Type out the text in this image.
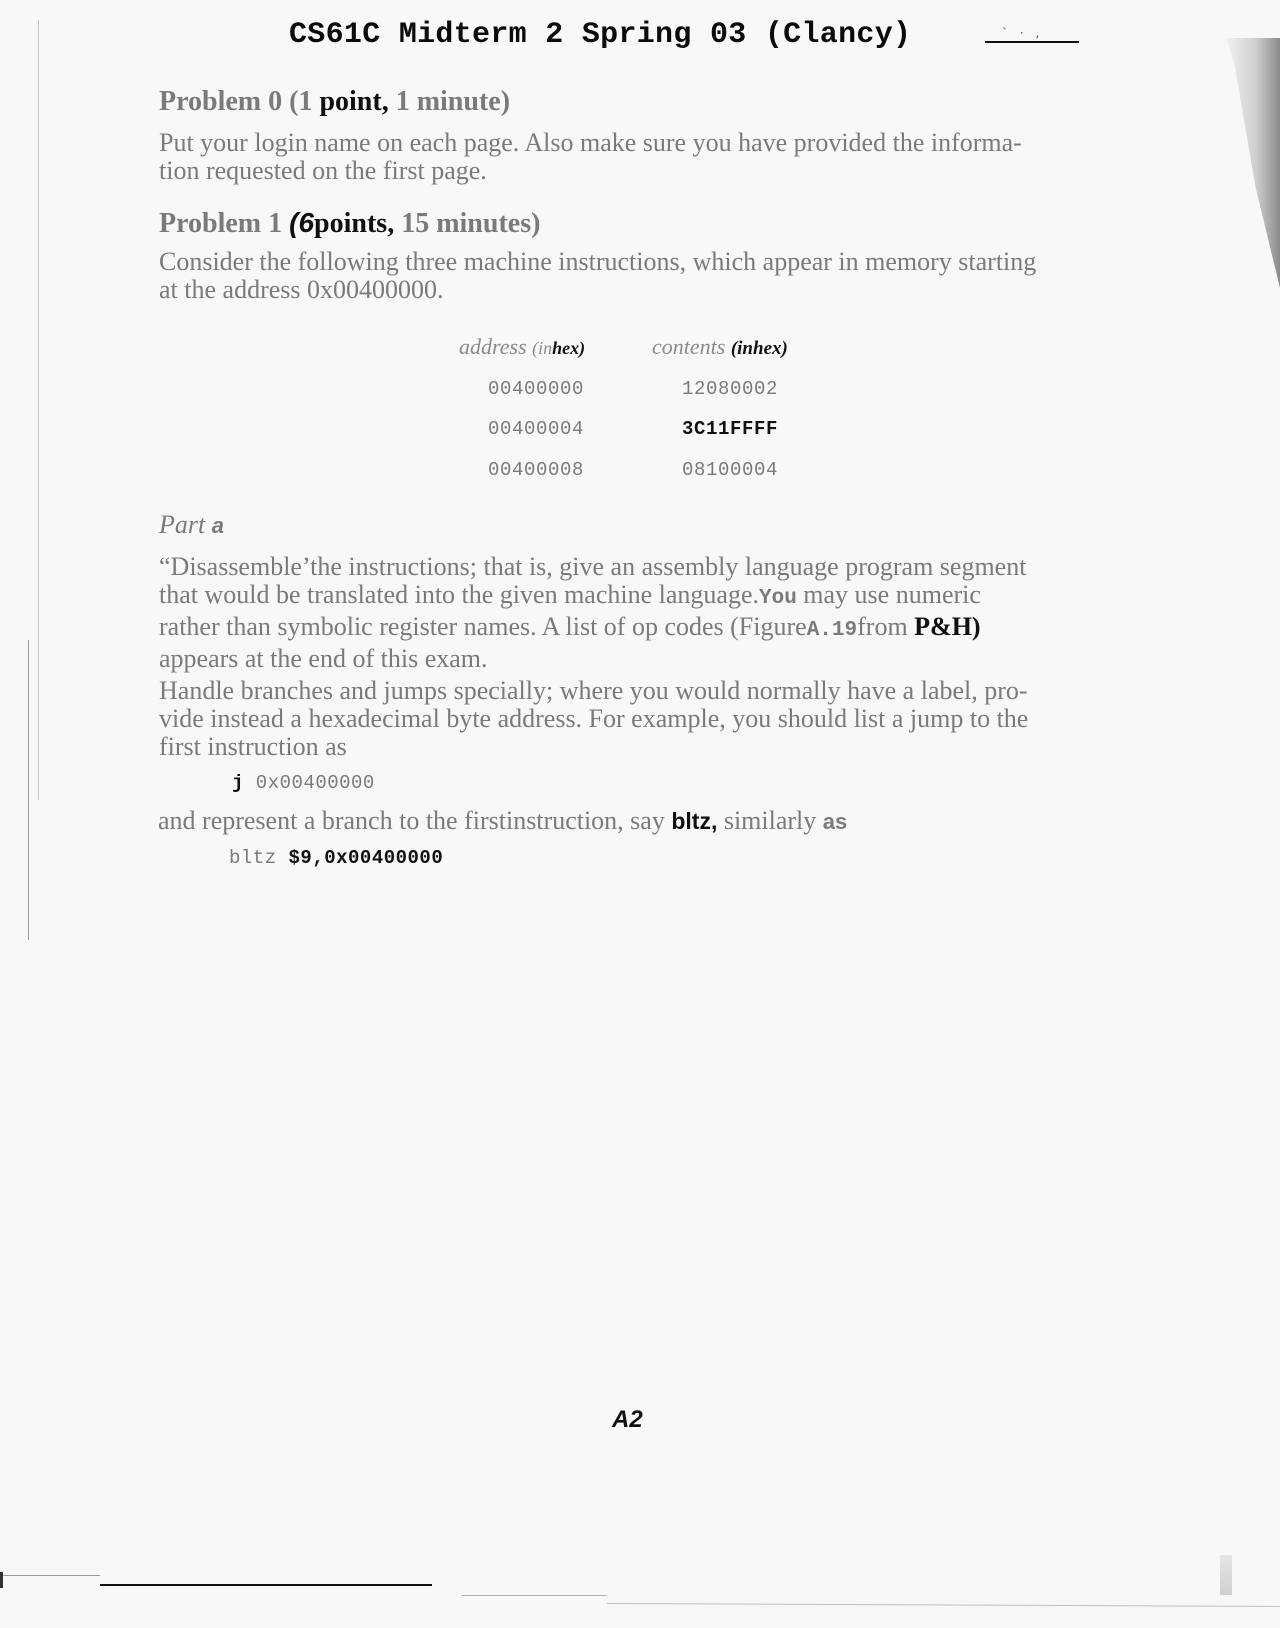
CS61C Midterm 2 Spring 03 (Clancy)	` · ,
Problem 0 (1 point, 1 minute)
Put your login name on each page. Also make sure you have provided the informa-
tion requested on the first page.
Problem 1 (6points, 15 minutes)
Consider the following three machine instructions, which appear in memory starting
at the address 0x00400000.
address (inhex)	contents (inhex)
00400000	12080002
00400004	3C11FFFF
00400008	08100004
Part a
“Disassemble’the instructions; that is, give an assembly language program segment
that would be translated into the given machine language.You may use numeric
rather than symbolic register names. A list of op codes (FigureA.19from P&H)
appears at the end of this exam.
Handle branches and jumps specially; where you would normally have a label, pro-
vide instead a hexadecimal byte address. For example, you should list a jump to the
first instruction as
j 0x00400000
and represent a branch to the firstinstruction, say bltz, similarly as
bltz $9,0x00400000
A2
